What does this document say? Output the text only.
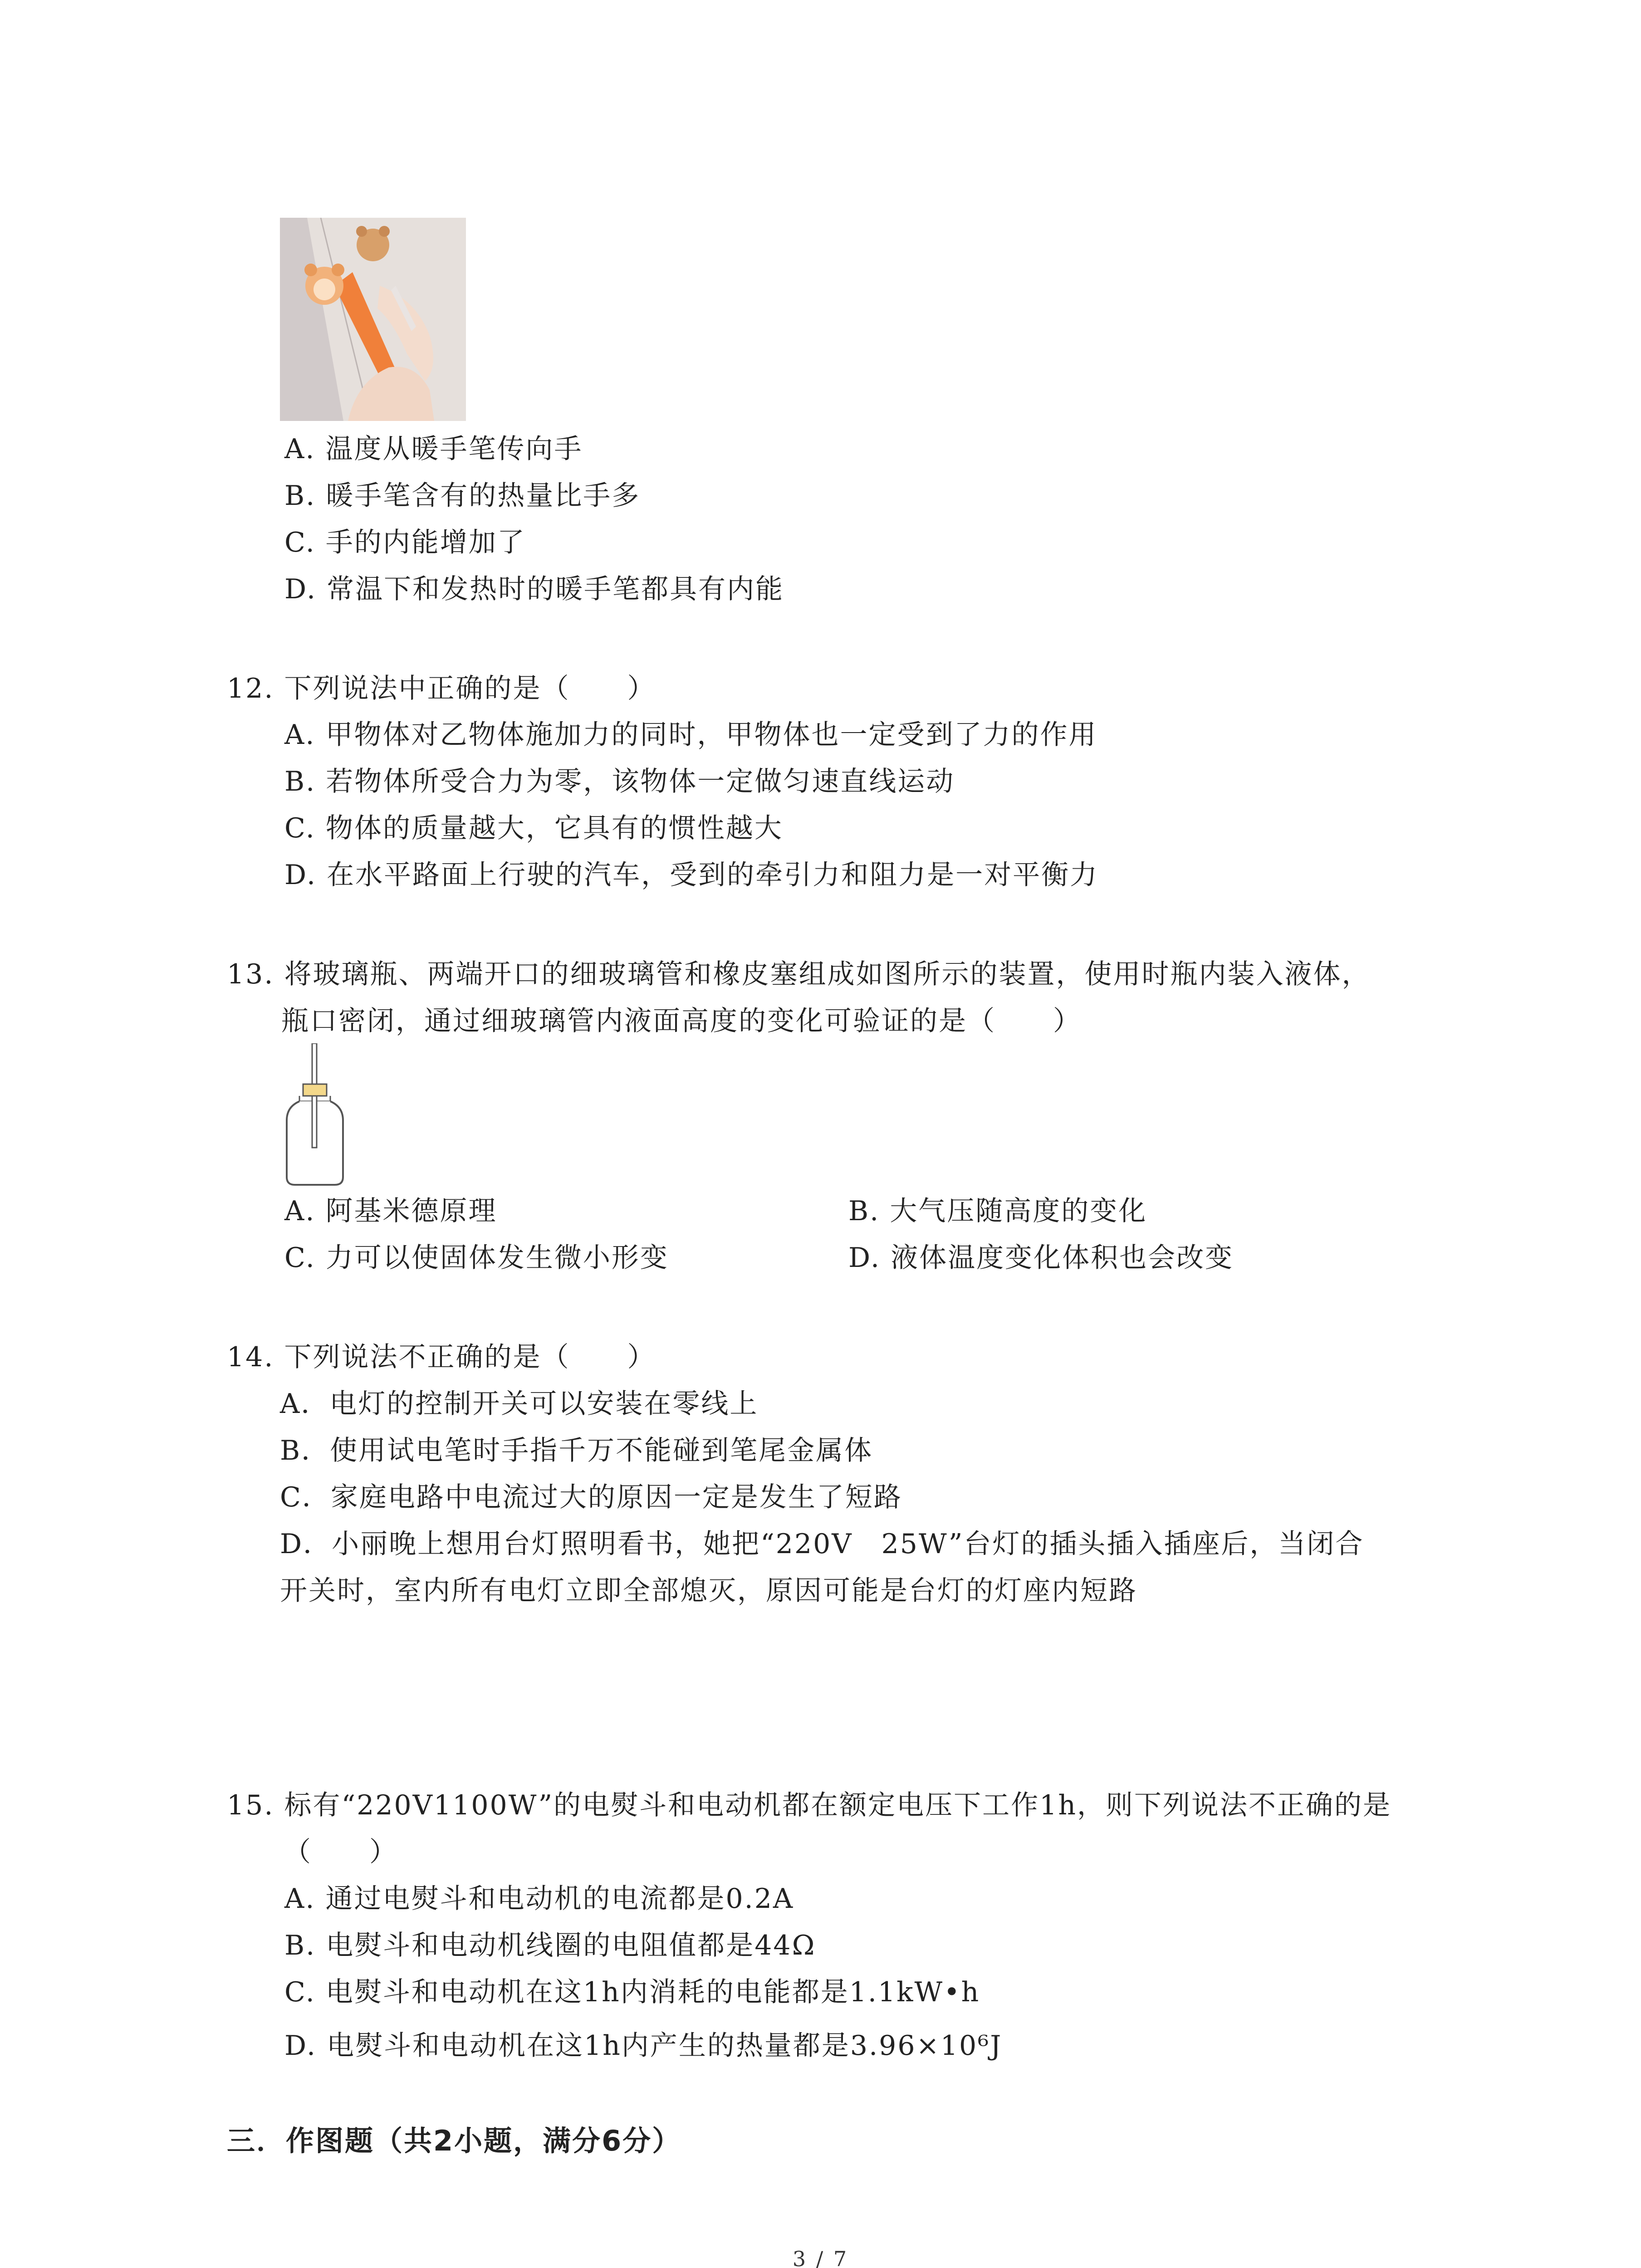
A. 温度从暖手笔传向手
B. 暖手笔含有的热量比手多
C. 手的内能增加了
D. 常温下和发热时的暖手笔都具有内能
12. 下列说法中正确的是（　　）
A. 甲物体对乙物体施加力的同时，甲物体也一定受到了力的作用
B. 若物体所受合力为零，该物体一定做匀速直线运动
C. 物体的质量越大，它具有的惯性越大
D. 在水平路面上行驶的汽车，受到的牵引力和阻力是一对平衡力
13. 将玻璃瓶、两端开口的细玻璃管和橡皮塞组成如图所示的装置，使用时瓶内装入液体，
瓶口密闭，通过细玻璃管内液面高度的变化可验证的是（　　）
A. 阿基米德原理	B. 大气压随高度的变化
C. 力可以使固体发生微小形变	D. 液体温度变化体积也会改变
14. 下列说法不正确的是（　　）
A．电灯的控制开关可以安装在零线上
B．使用试电笔时手指千万不能碰到笔尾金属体
C．家庭电路中电流过大的原因一定是发生了短路
D．小丽晚上想用台灯照明看书，她把“220V　25W”台灯的插头插入插座后，当闭合
开关时，室内所有电灯立即全部熄灭，原因可能是台灯的灯座内短路
15. 标有“220V1100W”的电熨斗和电动机都在额定电压下工作1h，则下列说法不正确的是
（　　）
A. 通过电熨斗和电动机的电流都是0.2A
B. 电熨斗和电动机线圈的电阻值都是44Ω
C. 电熨斗和电动机在这1h内消耗的电能都是1.1kW•h
D. 电熨斗和电动机在这1h内产生的热量都是3.96×10⁶J
三．作图题（共2小题，满分6分）
3 / 7
